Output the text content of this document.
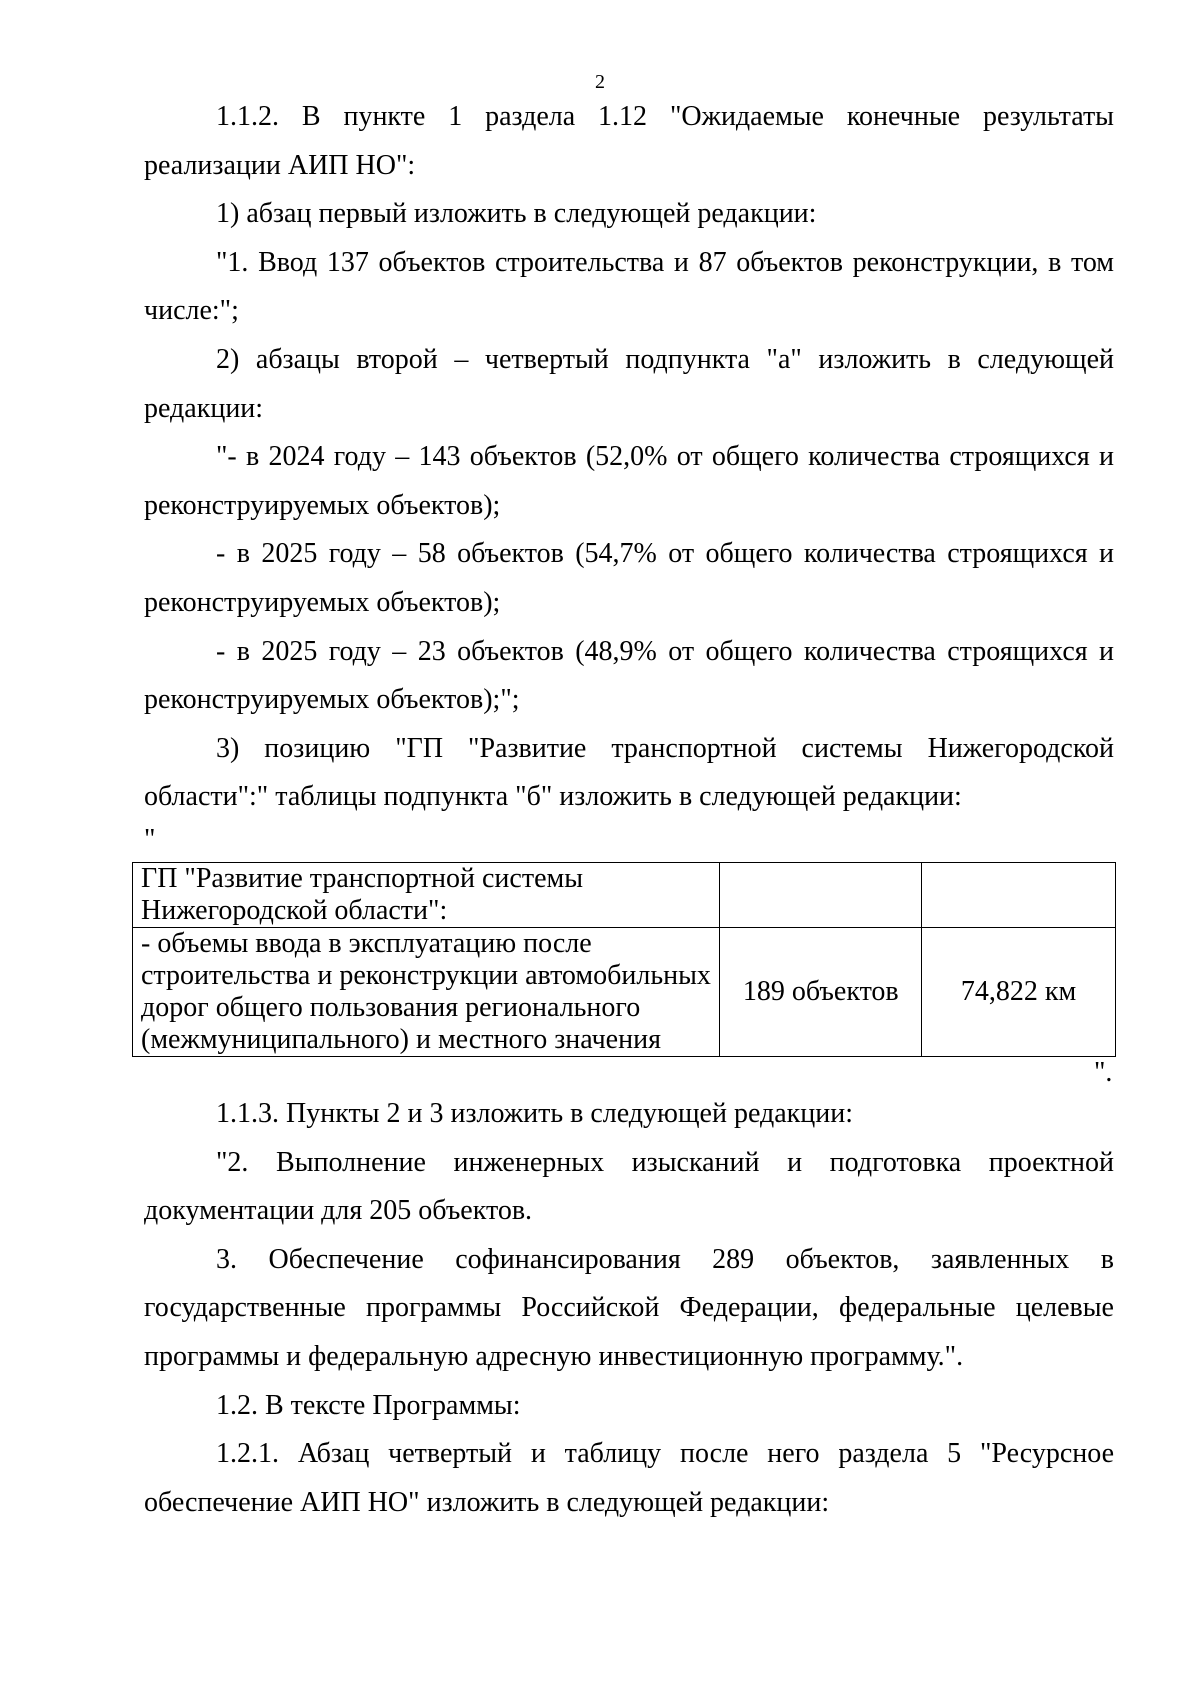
2

1.1.2. В пункте 1 раздела 1.12 "Ожидаемые конечные результаты реализации АИП НО":

1) абзац первый изложить в следующей редакции:

"1. Ввод 137 объектов строительства и 87 объектов реконструкции, в том числе:";

2) абзацы второй – четвертый подпункта "а" изложить в следующей редакции:

"- в 2024 году – 143 объектов (52,0% от общего количества строящихся и реконструируемых объектов);

- в 2025 году – 58 объектов (54,7% от общего количества строящихся и реконструируемых объектов);

- в 2025 году – 23 объектов (48,9% от общего количества строящихся и реконструируемых объектов);";

3) позицию "ГП "Развитие транспортной системы Нижегородской области":" таблицы подпункта "б" изложить в следующей редакции:

"
ГП "Развитие транспортной системы Нижегородской области":		
- объемы ввода в эксплуатацию после строительства и реконструкции автомобильных дорог общего пользования регионального (межмуниципального) и местного значения	189 объектов	74,822 км
".

1.1.3. Пункты 2 и 3 изложить в следующей редакции:

"2. Выполнение инженерных изысканий и подготовка проектной документации для 205 объектов.

3. Обеспечение софинансирования 289 объектов, заявленных в государственные программы Российской Федерации, федеральные целевые программы и федеральную адресную инвестиционную программу.".

1.2. В тексте Программы:

1.2.1. Абзац четвертый и таблицу после него раздела 5 "Ресурсное обеспечение АИП НО" изложить в следующей редакции:
